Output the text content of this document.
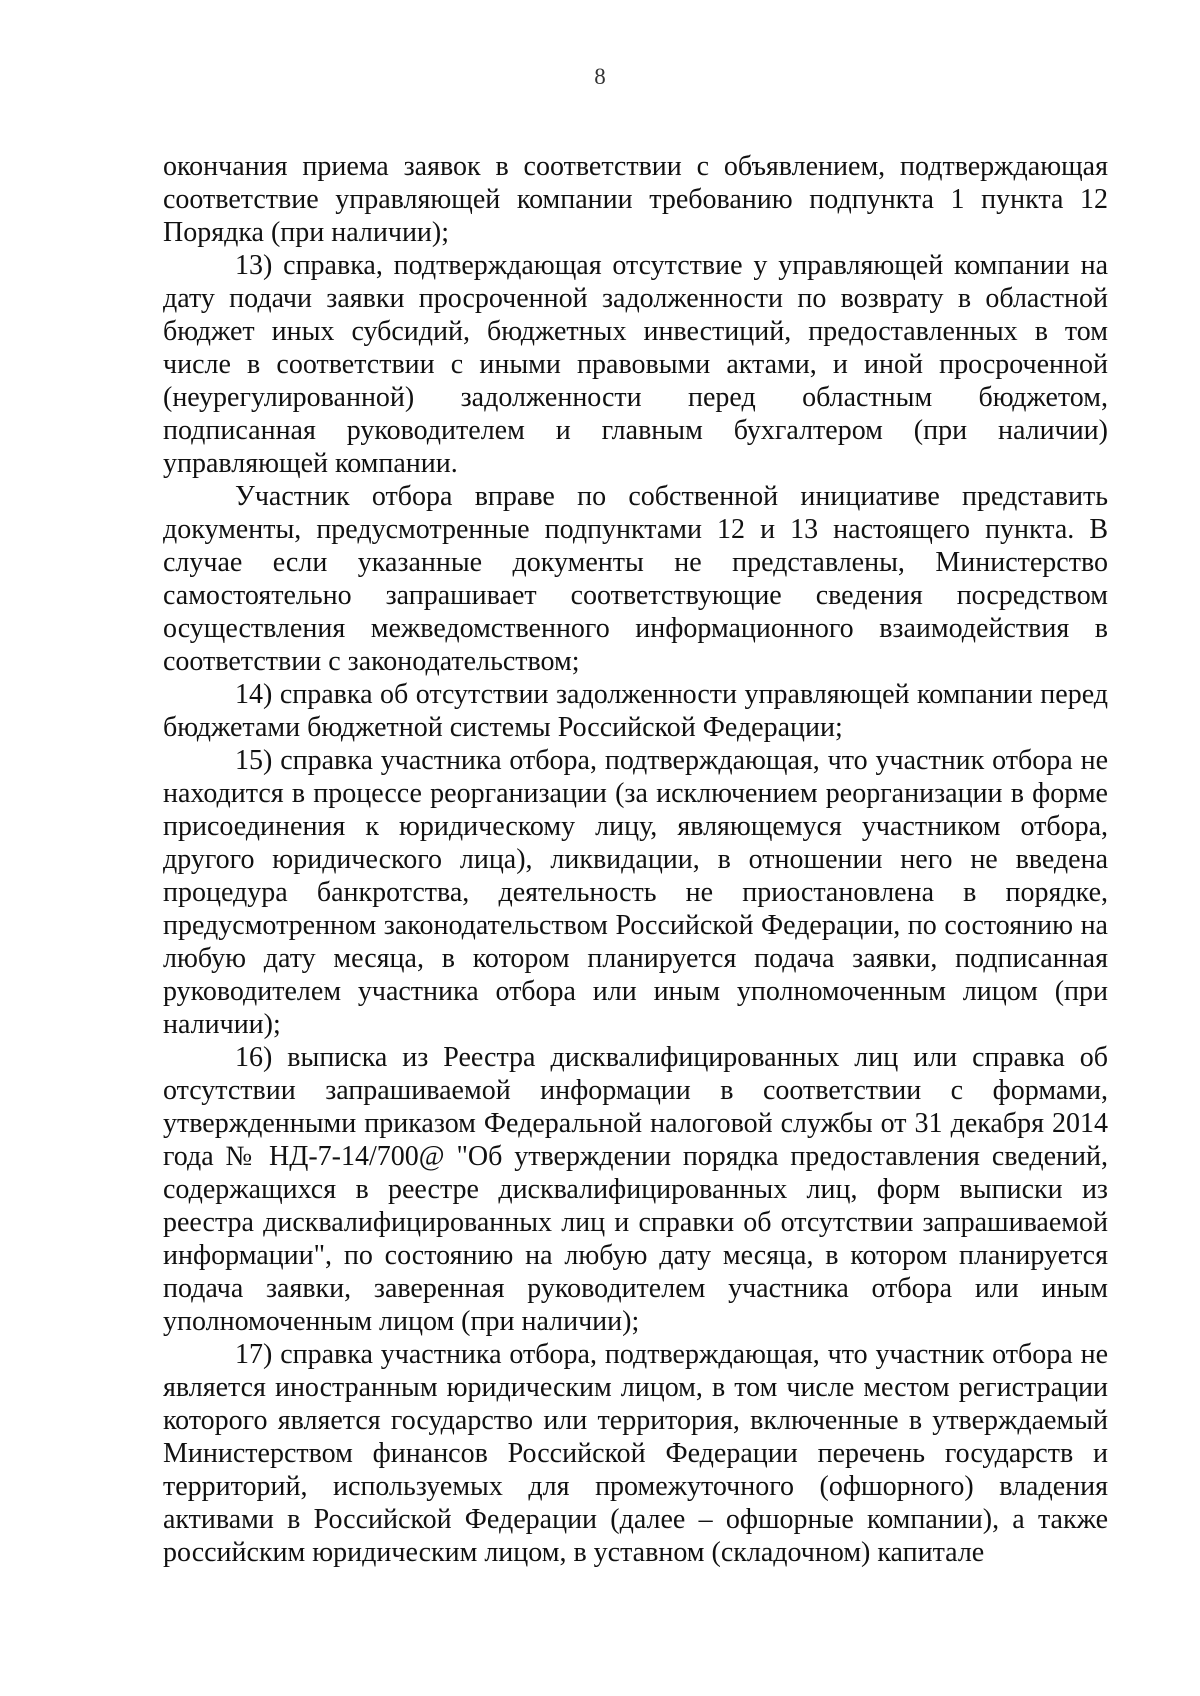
8

окончания приема заявок в соответствии с объявлением, подтверждающая соответствие управляющей компании требованию подпункта 1 пункта 12 Порядка (при наличии);

13) справка, подтверждающая отсутствие у управляющей компании на дату подачи заявки просроченной задолженности по возврату в областной бюджет иных субсидий, бюджетных инвестиций, предоставленных в том числе в соответствии с иными правовыми актами, и иной просроченной (неурегулированной) задолженности перед областным бюджетом, подписанная руководителем и главным бухгалтером (при наличии) управляющей компании.

Участник отбора вправе по собственной инициативе представить документы, предусмотренные подпунктами 12 и 13 настоящего пункта. В случае если указанные документы не представлены, Министерство самостоятельно запрашивает соответствующие сведения посредством осуществления межведомственного информационного взаимодействия в соответствии с законодательством;

14) справка об отсутствии задолженности управляющей компании перед бюджетами бюджетной системы Российской Федерации;

15) справка участника отбора, подтверждающая, что участник отбора не находится в процессе реорганизации (за исключением реорганизации в форме присоединения к юридическому лицу, являющемуся участником отбора, другого юридического лица), ликвидации, в отношении него не введена процедура банкротства, деятельность не приостановлена в порядке, предусмотренном законодательством Российской Федерации, по состоянию на любую дату месяца, в котором планируется подача заявки, подписанная руководителем участника отбора или иным уполномоченным лицом (при наличии);

16) выписка из Реестра дисквалифицированных лиц или справка об отсутствии запрашиваемой информации в соответствии с формами, утвержденными приказом Федеральной налоговой службы от 31 декабря 2014 года № НД-7-14/700@ "Об утверждении порядка предоставления сведений, содержащихся в реестре дисквалифицированных лиц, форм выписки из реестра дисквалифицированных лиц и справки об отсутствии запрашиваемой информации", по состоянию на любую дату месяца, в котором планируется подача заявки, заверенная руководителем участника отбора или иным уполномоченным лицом (при наличии);

17) справка участника отбора, подтверждающая, что участник отбора не является иностранным юридическим лицом, в том числе местом регистрации которого является государство или территория, включенные в утверждаемый Министерством финансов Российской Федерации перечень государств и территорий, используемых для промежуточного (офшорного) владения активами в Российской Федерации (далее – офшорные компании), а также российским юридическим лицом, в уставном (складочном) капитале
